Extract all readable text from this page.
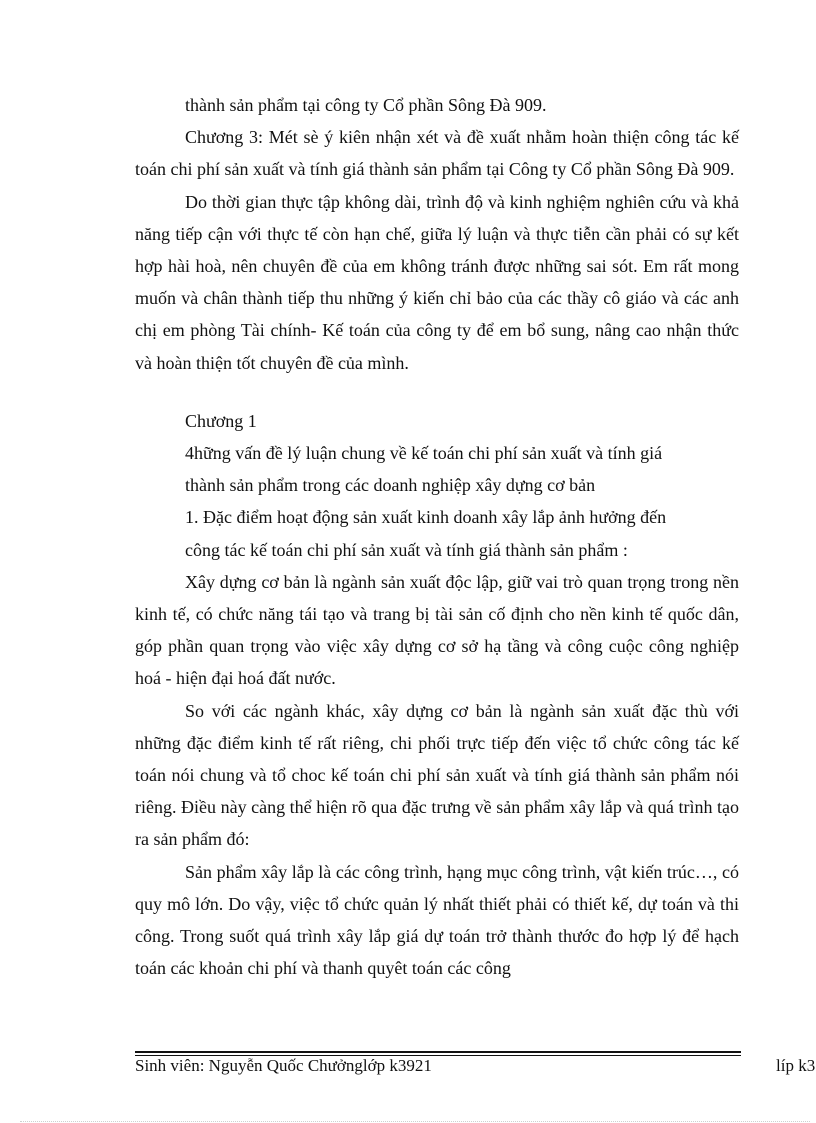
thành sản phẩm tại công ty Cổ phần Sông Đà 909.

Chương 3: Mét sè ý kiên nhận xét và đề xuất nhằm hoàn thiện công tác kế toán chi phí sản xuất và tính giá thành sản phẩm tại Công ty Cổ phần Sông Đà 909.

Do thời gian thực tập không dài, trình độ và kinh nghiệm nghiên cứu và khả năng tiếp cận với thực tế còn hạn chế, giữa lý luận và thực tiễn cần phải có sự kết hợp hài hoà, nên chuyên đề của em không tránh được những sai sót. Em rất mong muốn và chân thành tiếp thu những ý kiến chỉ bảo của các thầy cô giáo và các anh chị em phòng Tài chính- Kế toán của công ty để em bổ sung, nâng cao nhận thức và hoàn thiện tốt chuyên đề của mình.

Chương 1

4hững vấn đề lý luận chung về kế toán chi phí sản xuất và tính giá

thành sản phẩm trong các doanh nghiệp xây dựng cơ bản

1. Đặc điểm hoạt động sản xuất kinh doanh xây lắp ảnh hưởng đến

công tác kế toán chi phí sản xuất và tính giá thành sản phẩm :

Xây dựng cơ bản là ngành sản xuất độc lập, giữ vai trò quan trọng trong nền kinh tế, có chức năng tái tạo và trang bị tài sản cố định cho nền kinh tế quốc dân, góp phần quan trọng vào việc xây dựng cơ sở hạ tầng và công cuộc công nghiệp hoá - hiện đại hoá đất nước.

So với các ngành khác, xây dựng cơ bản là ngành sản xuất đặc thù với những đặc điểm kinh tế rất riêng, chi phối trực tiếp đến việc tổ chức công tác kế toán nói chung và tổ choc kế toán chi phí sản xuất và tính giá thành sản phẩm nói riêng. Điều này càng thể hiện rõ qua đặc trưng về sản phẩm xây lắp và quá trình tạo ra sản phẩm đó:

Sản phẩm xây lắp là các công trình, hạng mục công trình, vật kiến trúc…, có quy mô lớn. Do vậy, việc tổ chức quản lý nhất thiết phải có thiết kế, dự toán và thi công. Trong suốt quá trình xây lắp giá dự toán trở thành thước đo hợp lý để hạch toán các khoản chi phí và thanh quyêt toán các công

Sinh viên: Nguyễn Quốc Chưởnglớp k3921	líp k3
